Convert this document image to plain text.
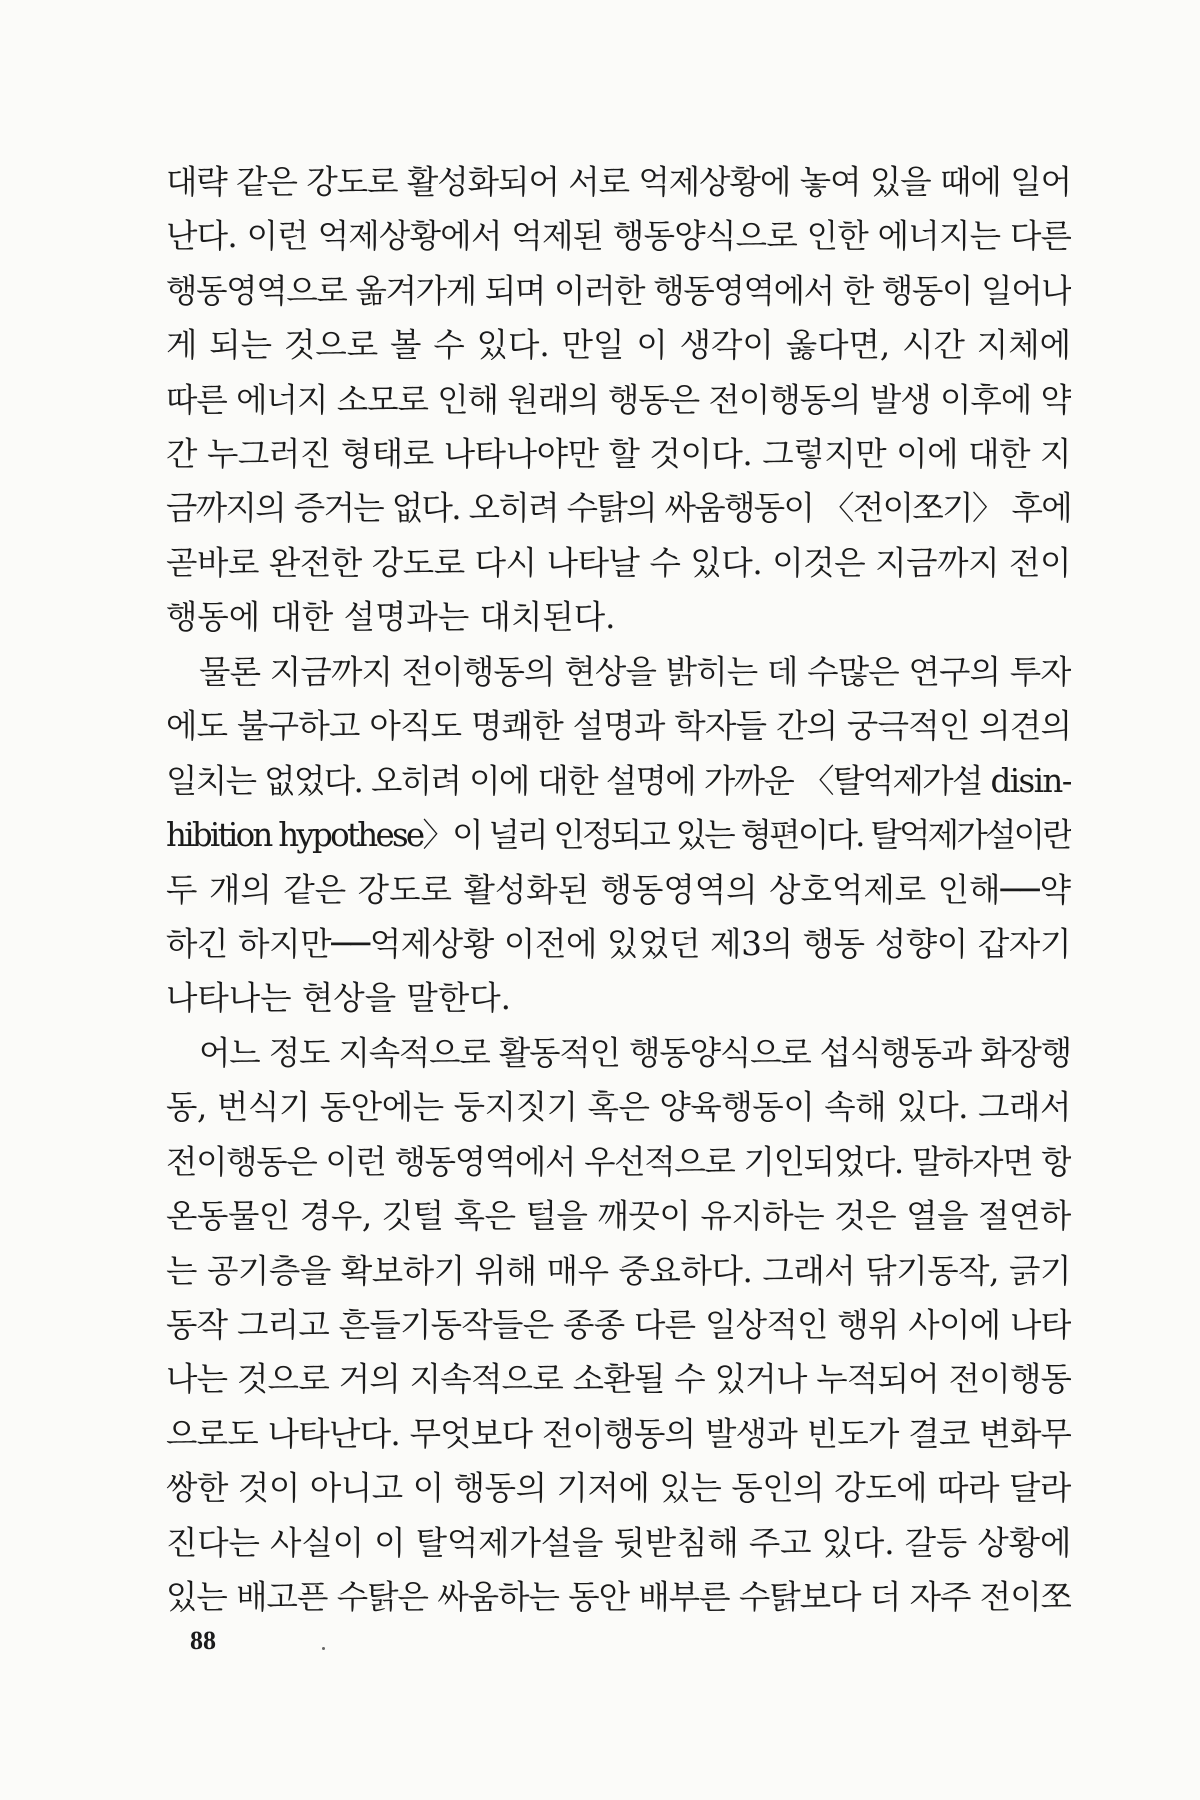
대략 같은 강도로 활성화되어 서로 억제상황에 놓여 있을 때에 일어
난다. 이런 억제상황에서 억제된 행동양식으로 인한 에너지는 다른
행동영역으로 옮겨가게 되며 이러한 행동영역에서 한 행동이 일어나
게 되는 것으로 볼 수 있다. 만일 이 생각이 옳다면, 시간 지체에
따른 에너지 소모로 인해 원래의 행동은 전이행동의 발생 이후에 약
간 누그러진 형태로 나타나야만 할 것이다. 그렇지만 이에 대한 지
금까지의 증거는 없다. 오히려 수탉의 싸움행동이 〈전이쪼기〉 후에
곧바로 완전한 강도로 다시 나타날 수 있다. 이것은 지금까지 전이
행동에 대한 설명과는 대치된다.
물론 지금까지 전이행동의 현상을 밝히는 데 수많은 연구의 투자
에도 불구하고 아직도 명쾌한 설명과 학자들 간의 궁극적인 의견의
일치는 없었다. 오히려 이에 대한 설명에 가까운 〈탈억제가설 disin-
hibition hypothese〉이 널리 인정되고 있는 형편이다. 탈억제가설이란
두 개의 같은 강도로 활성화된 행동영역의 상호억제로 인해──약
하긴 하지만──억제상황 이전에 있었던 제3의 행동 성향이 갑자기
나타나는 현상을 말한다.
어느 정도 지속적으로 활동적인 행동양식으로 섭식행동과 화장행
동, 번식기 동안에는 둥지짓기 혹은 양육행동이 속해 있다. 그래서
전이행동은 이런 행동영역에서 우선적으로 기인되었다. 말하자면 항
온동물인 경우, 깃털 혹은 털을 깨끗이 유지하는 것은 열을 절연하
는 공기층을 확보하기 위해 매우 중요하다. 그래서 닦기동작, 긁기
동작 그리고 흔들기동작들은 종종 다른 일상적인 행위 사이에 나타
나는 것으로 거의 지속적으로 소환될 수 있거나 누적되어 전이행동
으로도 나타난다. 무엇보다 전이행동의 발생과 빈도가 결코 변화무
쌍한 것이 아니고 이 행동의 기저에 있는 동인의 강도에 따라 달라
진다는 사실이 이 탈억제가설을 뒷받침해 주고 있다. 갈등 상황에
있는 배고픈 수탉은 싸움하는 동안 배부른 수탉보다 더 자주 전이쪼
88
